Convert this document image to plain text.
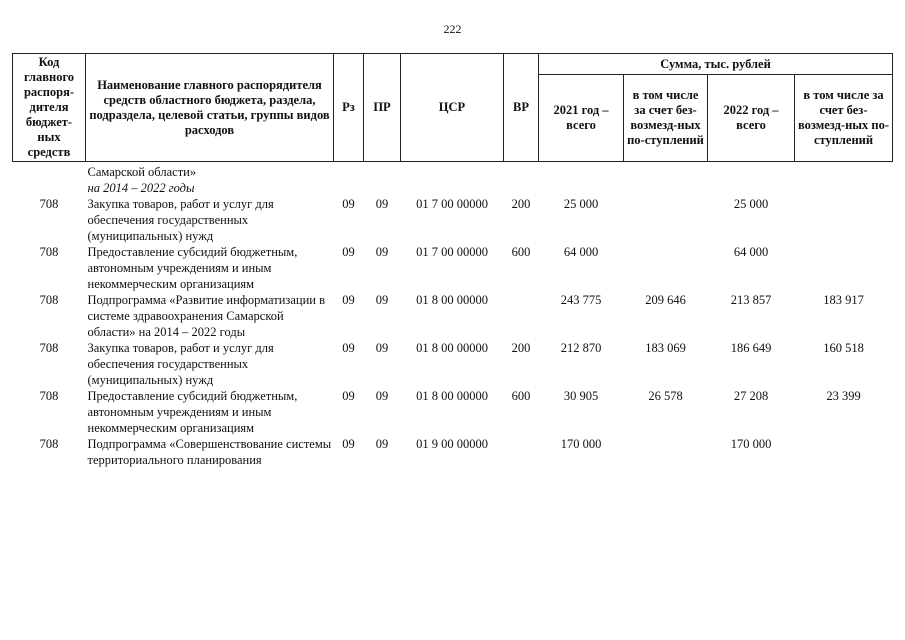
222
Код главного распоря-дителя бюджет-ных средств	Наименование главного распорядителя средств областного бюджета, раздела, подраздела, целевой статьи, группы видов расходов	Рз	ПР	ЦСР	ВР	Сумма, тыс. рублей			
						2021 год – всего	в том числе за счет без-возмезд-ных по-ступлений	2022 год – всего	в том числе за счет без-возмезд-ных по-ступлений

	Самарской области»
на 2014 – 2022 годы								

708	Закупка товаров, работ и услуг для обеспечения государственных (муниципальных) нужд	09	09	01 7 00 00000	200	25 000		25 000	
708	Предоставление субсидий бюджетным, автономным учреждениям и иным некоммерческим организациям	09	09	01 7 00 00000	600	64 000		64 000	
708	Подпрограмма «Развитие информатизации в системе здравоохранения Самарской области» на 2014 – 2022 годы	09	09	01 8 00 00000		243 775	209 646	213 857	183 917
708	Закупка товаров, работ и услуг для обеспечения государственных (муниципальных) нужд	09	09	01 8 00 00000	200	212 870	183 069	186 649	160 518
708	Предоставление субсидий бюджетным, автономным учреждениям и иным некоммерческим организациям	09	09	01 8 00 00000	600	30 905	26 578	27 208	23 399
708	Подпрограмма «Совершенствование системы территориального планирования	09	09	01 9 00 00000		170 000		170 000	
